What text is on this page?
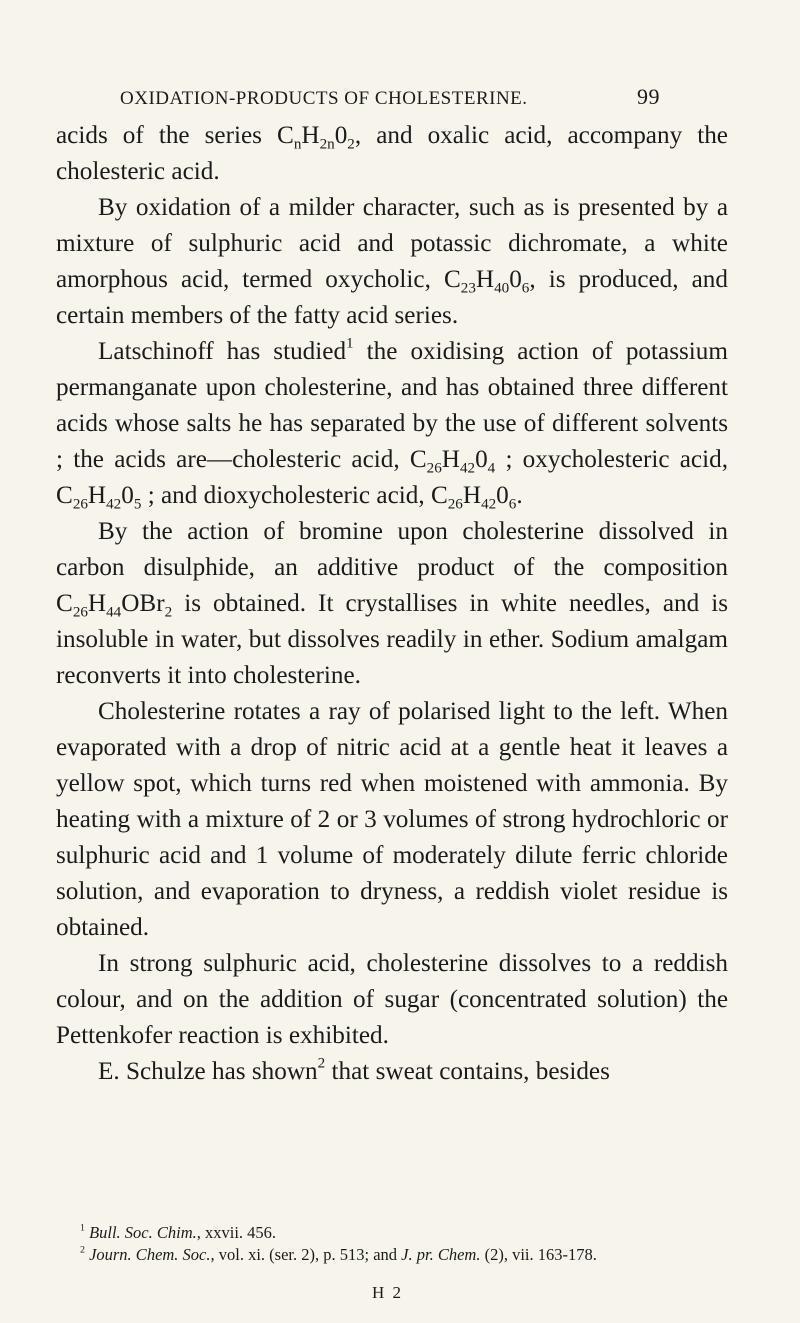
OXIDATION-PRODUCTS OF CHOLESTERINE.	99

acids of the series $C_nH_{2n}0_2$, and oxalic acid, accompany the cholesteric acid.

By oxidation of a milder character, such as is presented by a mixture of sulphuric acid and potassic dichromate, a white amorphous acid, termed oxycholic, $C_{23}H_{40}0_6$, is produced, and certain members of the fatty acid series.

Latschinoff has studied$^1$ the oxidising action of potassium permanganate upon cholesterine, and has obtained three different acids whose salts he has separated by the use of different solvents ; the acids are—cholesteric acid, $C_{26}H_{42}0_4$ ; oxycholesteric acid, $C_{26}H_{42}0_5$ ; and dioxycholesteric acid, $C_{26}H_{42}0_6$.

By the action of bromine upon cholesterine dissolved in carbon disulphide, an additive product of the composition $C_{26}H_{44}OBr_2$ is obtained. It crystallises in white needles, and is insoluble in water, but dissolves readily in ether. Sodium amalgam reconverts it into cholesterine.

Cholesterine rotates a ray of polarised light to the left. When evaporated with a drop of nitric acid at a gentle heat it leaves a yellow spot, which turns red when moistened with ammonia. By heating with a mixture of 2 or 3 volumes of strong hydrochloric or sulphuric acid and 1 volume of moderately dilute ferric chloride solution, and evaporation to dryness, a reddish violet residue is obtained.

In strong sulphuric acid, cholesterine dissolves to a reddish colour, and on the addition of sugar (concentrated solution) the Pettenkofer reaction is exhibited.

E. Schulze has shown$^2$ that sweat contains, besides

$^1$ Bull. Soc. Chim., xxvii. 456.

$^2$ Journ. Chem. Soc., vol. xi. (ser. 2), p. 513; and J. pr. Chem. (2), vii. 163-178.

H 2
